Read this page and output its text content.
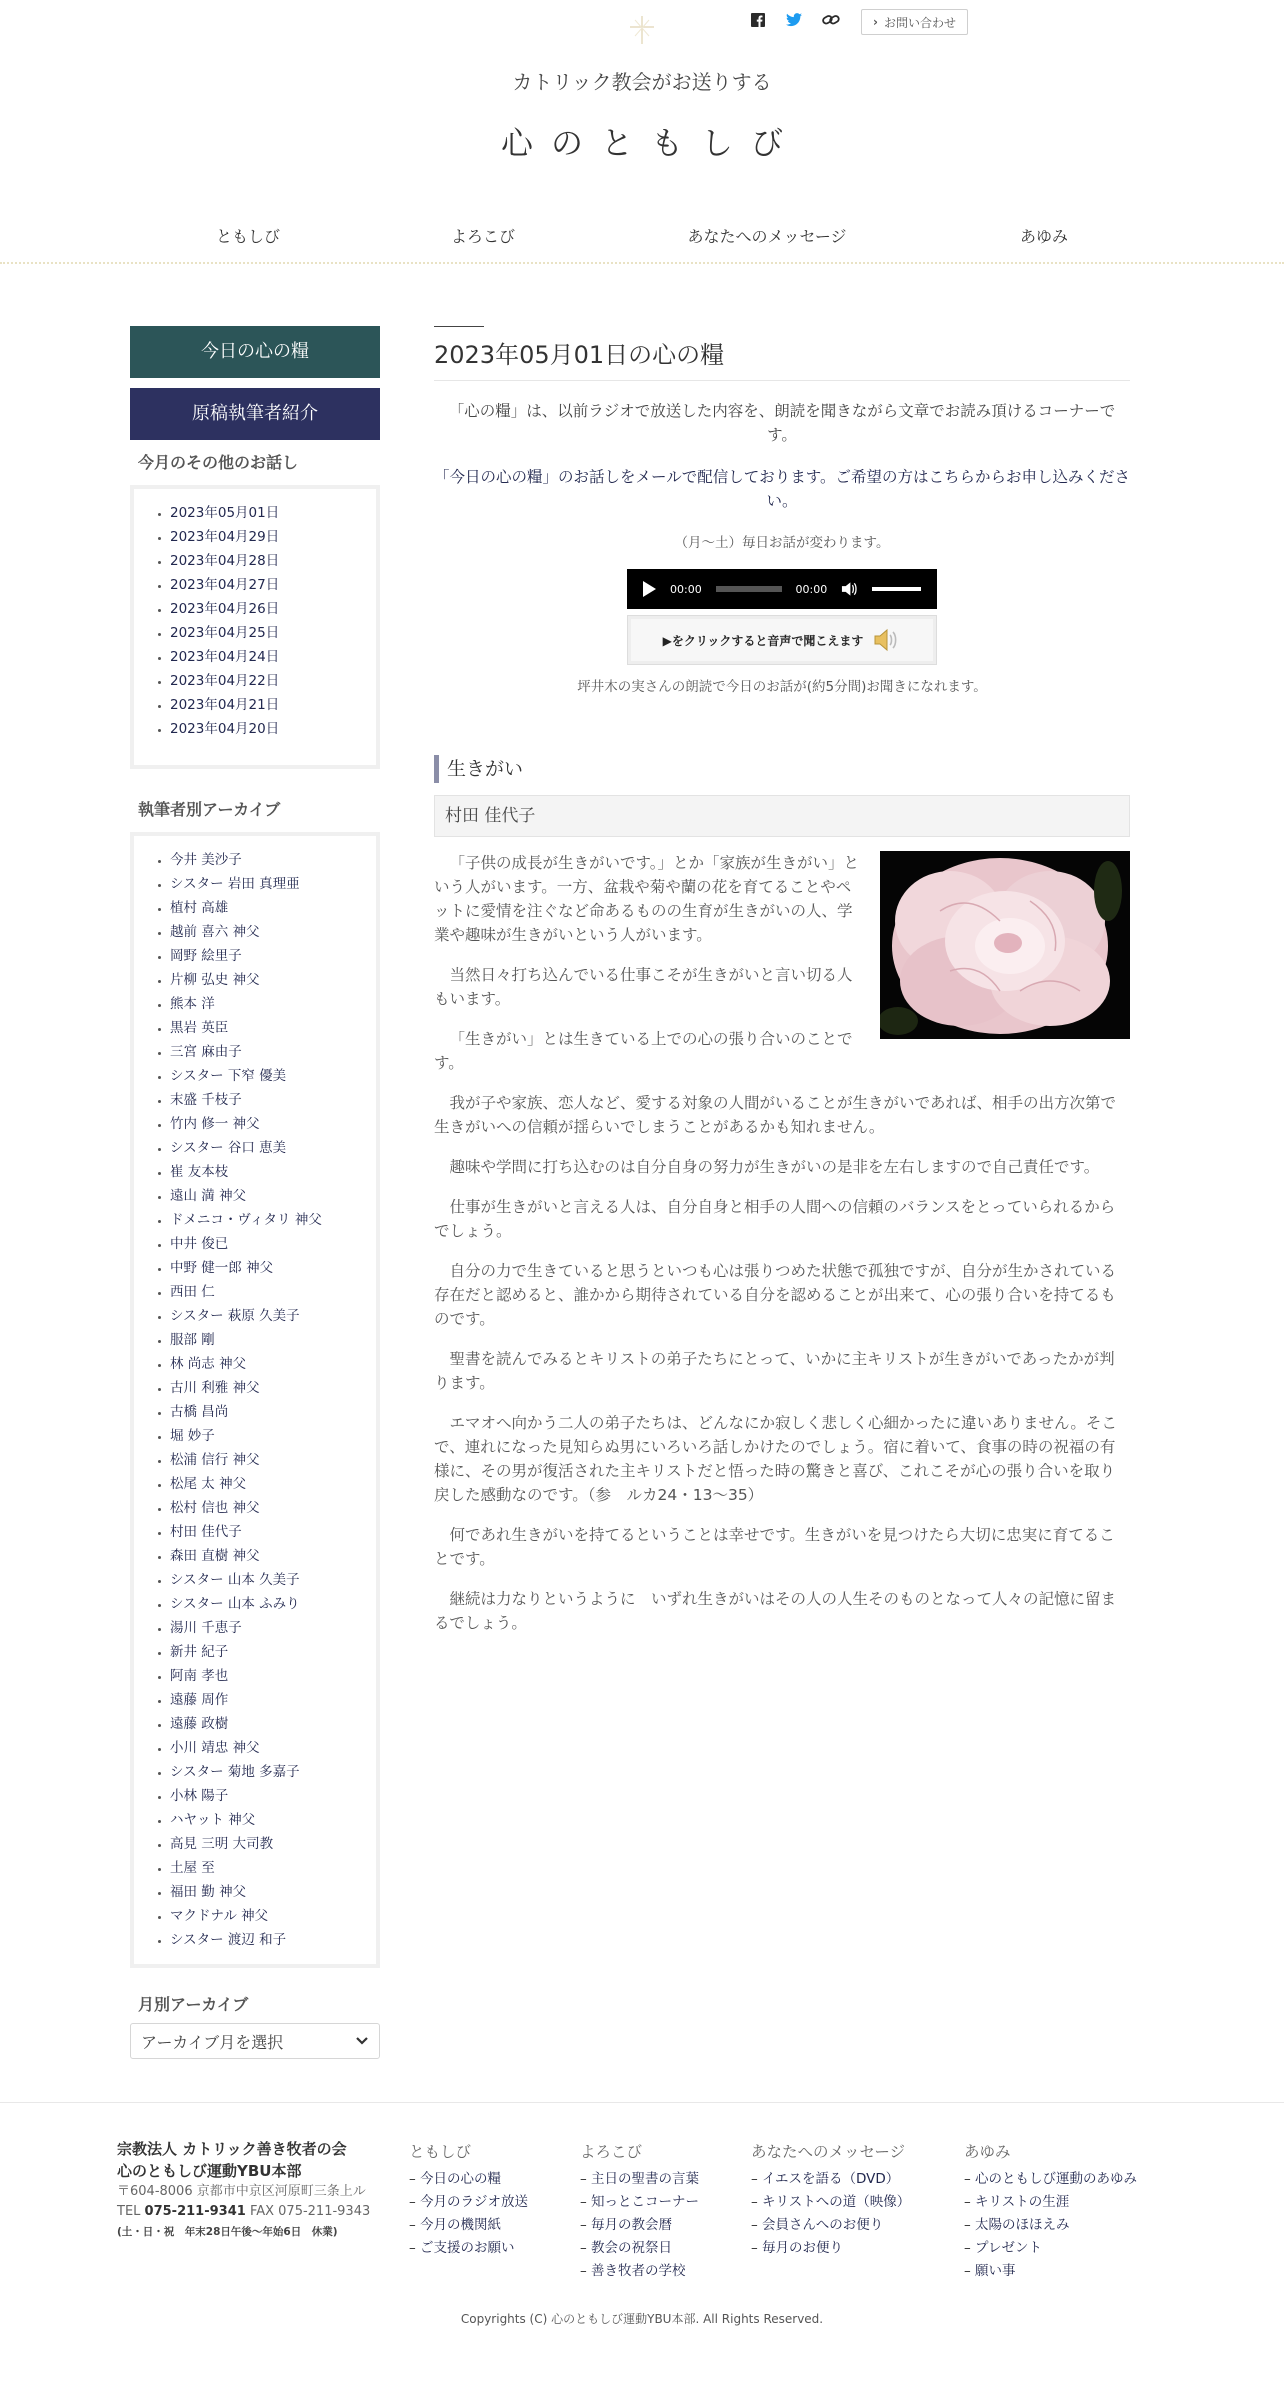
› お問い合わせ
カトリック教会がお送りする
心のともしび
ともしび	よろこび	あなたへのメッセージ	あゆみ
今日の心の糧
原稿執筆者紹介
今月のその他のお話し
• 2023年05月01日
• 2023年04月29日
• 2023年04月28日
• 2023年04月27日
• 2023年04月26日
• 2023年04月25日
• 2023年04月24日
• 2023年04月22日
• 2023年04月21日
• 2023年04月20日
執筆者別アーカイブ
• 今井 美沙子
• シスター 岩田 真理亜
• 植村 高雄
• 越前 喜六 神父
• 岡野 絵里子
• 片柳 弘史 神父
• 熊本 洋
• 黒岩 英臣
• 三宮 麻由子
• シスター 下窄 優美
• 末盛 千枝子
• 竹内 修一 神父
• シスター 谷口 恵美
• 崔 友本枝
• 遠山 満 神父
• ドメニコ・ヴィタリ 神父
• 中井 俊已
• 中野 健一郎 神父
• 西田 仁
• シスター 萩原 久美子
• 服部 剛
• 林 尚志 神父
• 古川 利雅 神父
• 古橋 昌尚
• 堀 妙子
• 松浦 信行 神父
• 松尾 太 神父
• 松村 信也 神父
• 村田 佳代子
• 森田 直樹 神父
• シスター 山本 久美子
• シスター 山本 ふみり
• 湯川 千恵子
• 新井 紀子
• 阿南 孝也
• 遠藤 周作
• 遠藤 政樹
• 小川 靖忠 神父
• シスター 菊地 多嘉子
• 小林 陽子
• ハヤット 神父
• 高見 三明 大司教
• 土屋 至
• 福田 勤 神父
• マクドナル 神父
• シスター 渡辺 和子
月別アーカイブ
アーカイブ月を選択
2023年05月01日の心の糧

「心の糧」は、以前ラジオで放送した内容を、朗読を聞きながら文章でお読み頂けるコーナーです。

「今日の心の糧」のお話しをメールで配信しております。ご希望の方はこちらからお申し込みください。

（月～土）毎日お話が変わります。

00:00	00:00
▶をクリックすると音声で聞こえます

坪井木の実さんの朗読で今日のお話が(約5分間)お聞きになれます。

生きがい
村田 佳代子

「子供の成長が生きがいです。」とか「家族が生きがい」という人がいます。一方、盆栽や菊や蘭の花を育てることやペットに愛情を注ぐなど命あるものの生育が生きがいの人、学業や趣味が生きがいという人がいます。

当然日々打ち込んでいる仕事こそが生きがいと言い切る人もいます。

「生きがい」とは生きている上での心の張り合いのことです。

我が子や家族、恋人など、愛する対象の人間がいることが生きがいであれば、相手の出方次第で生きがいへの信頼が揺らいでしまうことがあるかも知れません。

趣味や学問に打ち込むのは自分自身の努力が生きがいの是非を左右しますので自己責任です。

仕事が生きがいと言える人は、自分自身と相手の人間への信頼のバランスをとっていられるからでしょう。

自分の力で生きていると思うといつも心は張りつめた状態で孤独ですが、自分が生かされている存在だと認めると、誰かから期待されている自分を認めることが出来て、心の張り合いを持てるものです。

聖書を読んでみるとキリストの弟子たちにとって、いかに主キリストが生きがいであったかが判ります。

エマオへ向かう二人の弟子たちは、どんなにか寂しく悲しく心細かったに違いありません。そこで、連れになった見知らぬ男にいろいろ話しかけたのでしょう。宿に着いて、食事の時の祝福の有様に、その男が復活された主キリストだと悟った時の驚きと喜び、これこそが心の張り合いを取り戻した感動なのです。（参　ルカ24・13～35）

何であれ生きがいを持てるということは幸せです。生きがいを見つけたら大切に忠実に育てることです。

継続は力なりというように　いずれ生きがいはその人の人生そのものとなって人々の記憶に留まるでしょう。

宗教法人 カトリック善き牧者の会
心のともしび運動YBU本部
〒604-8006 京都市中京区河原町三条上ル
TEL 075-211-9341 FAX 075-211-9343
(土・日・祝　年末28日午後～年始6日　休業)
ともしび
– 今日の心の糧
– 今月のラジオ放送
– 今月の機関紙
– ご支援のお願い
よろこび
– 主日の聖書の言葉
– 知っとこコーナー
– 毎月の教会暦
– 教会の祝祭日
– 善き牧者の学校
あなたへのメッセージ
– イエスを語る（DVD）
– キリストへの道（映像）
– 会員さんへのお便り
– 毎月のお便り
あゆみ
– 心のともしび運動のあゆみ
– キリストの生涯
– 太陽のほほえみ
– プレゼント
– 願い事
Copyrights (C) 心のともしび運動YBU本部. All Rights Reserved.
